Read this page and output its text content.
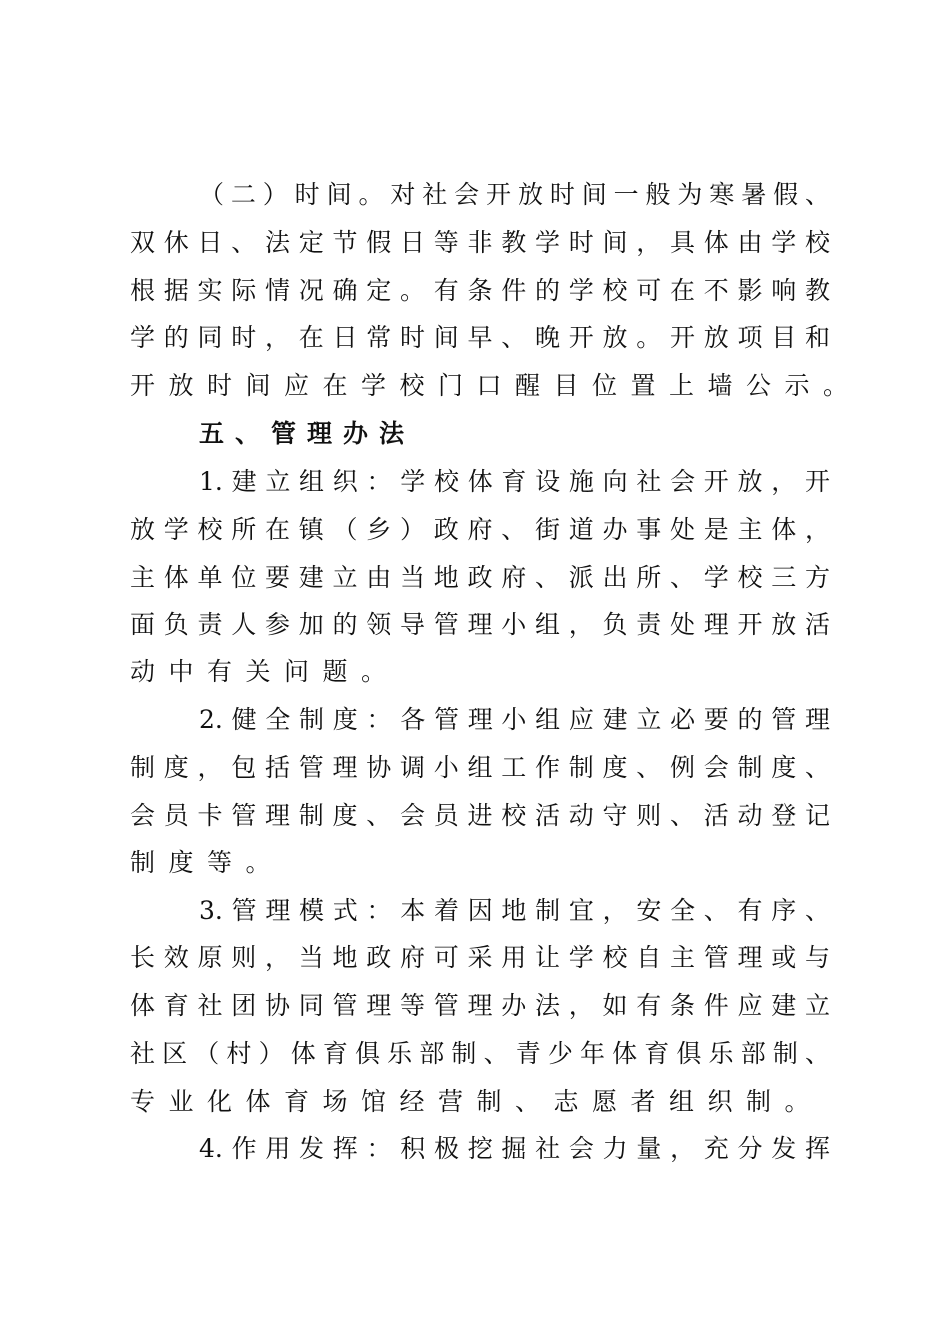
（二）时间。对社会开放时间一般为寒暑假、
双休日、法定节假日等非教学时间，具体由学校
根据实际情况确定。有条件的学校可在不影响教
学的同时，在日常时间早、晚开放。开放项目和
开放时间应在学校门口醒目位置上墙公示。
五、管理办法
1.建立组织：学校体育设施向社会开放，开
放学校所在镇（乡）政府、街道办事处是主体，
主体单位要建立由当地政府、派出所、学校三方
面负责人参加的领导管理小组，负责处理开放活
动中有关问题。
2.健全制度：各管理小组应建立必要的管理
制度，包括管理协调小组工作制度、例会制度、
会员卡管理制度、会员进校活动守则、活动登记
制度等。
3.管理模式：本着因地制宜，安全、有序、
长效原则，当地政府可采用让学校自主管理或与
体育社团协同管理等管理办法，如有条件应建立
社区（村）体育俱乐部制、青少年体育俱乐部制、
专业化体育场馆经营制、志愿者组织制。
4.作用发挥：积极挖掘社会力量，充分发挥
